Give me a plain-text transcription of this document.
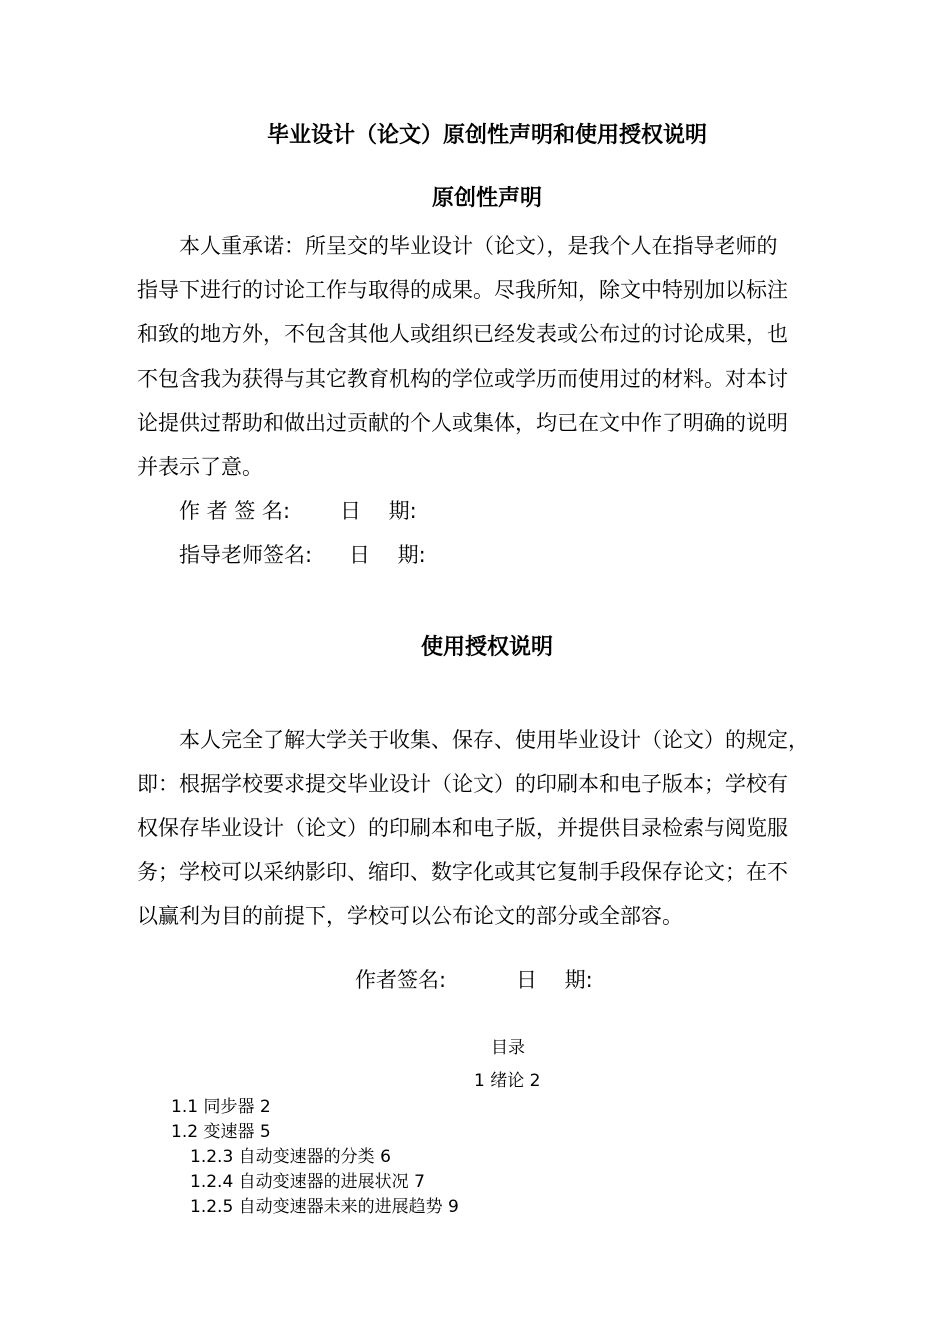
毕业设计（论文）原创性声明和使用授权说明
原创性声明
本人重承诺：所呈交的毕业设计（论文），是我个人在指导老师的
指导下进行的讨论工作与取得的成果。尽我所知，除文中特别加以标注
和致的地方外，不包含其他人或组织已经发表或公布过的讨论成果，也
不包含我为获得与其它教育机构的学位或学历而使用过的材料。对本讨
论提供过帮助和做出过贡献的个人或集体，均已在文中作了明确的说明
并表示了意。
作 者 签 名: 日　 期:
指导老师签名: 日　 期:
使用授权说明
本人完全了解大学关于收集、保存、使用毕业设计（论文）的规定，
即：根据学校要求提交毕业设计（论文）的印刷本和电子版本；学校有
权保存毕业设计（论文）的印刷本和电子版，并提供目录检索与阅览服
务；学校可以采纳影印、缩印、数字化或其它复制手段保存论文；在不
以赢利为目的前提下，学校可以公布论文的部分或全部容。
作者签名:	日　 期:
目录
1 绪论 2
1.1 同步器 2
1.2 变速器 5
1.2.3 自动变速器的分类 6
1.2.4 自动变速器的进展状况 7
1.2.5 自动变速器未来的进展趋势 9
